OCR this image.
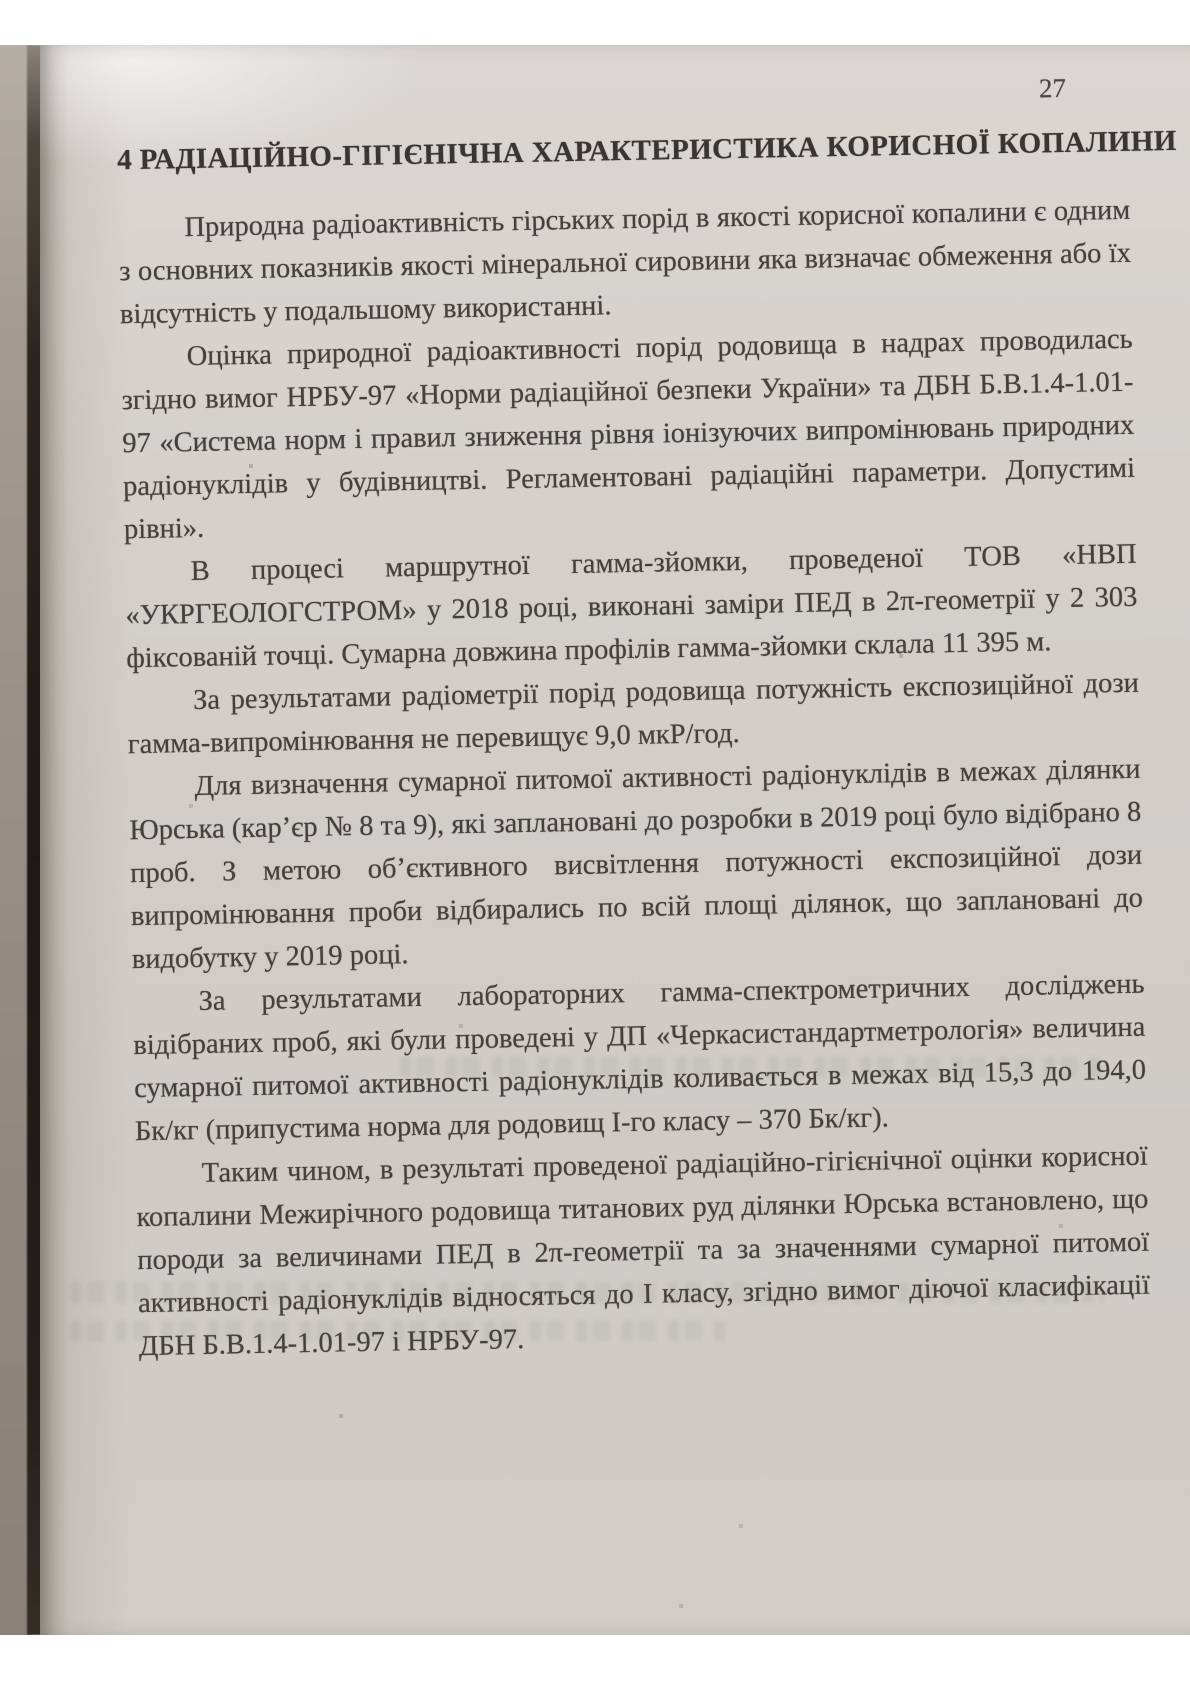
27
4 РАДІАЦІЙНО-ГІГІЄНІЧНА ХАРАКТЕРИСТИКА КОРИСНОЇ КОПАЛИНИ

Природна радіоактивність гірських порід в якості корисної копалини є одним з основних показників якості мінеральної сировини яка визначає обмеження або їх відсутність у подальшому використанні.

Оцінка природної радіоактивності порід родовища в надрах проводилась згідно вимог НРБУ-97 «Норми радіаційної безпеки України» та ДБН Б.В.1.4-1.01-97 «Система норм і правил зниження рівня іонізуючих випромінювань природних радіонуклідів у будівництві. Регламентовані радіаційні параметри. Допустимі рівні».

В процесі маршрутної гамма-зйомки, проведеної ТОВ «НВП «УКРГЕОЛОГСТРОМ» у 2018 році, виконані заміри ПЕД в 2π-геометрії у 2 303 фіксованій точці. Сумарна довжина профілів гамма-зйомки склала 11 395 м.

За результатами радіометрії порід родовища потужність експозиційної дози гамма-випромінювання не перевищує 9,0 мкР/год.

Для визначення сумарної питомої активності радіонуклідів в межах ділянки Юрська (кар’єр № 8 та 9), які заплановані до розробки в 2019 році було відібрано 8 проб. З метою об’єктивного висвітлення потужності експозиційної дози випромінювання проби відбирались по всій площі ділянок, що заплановані до видобутку у 2019 році.

За результатами лабораторних гамма-спектрометричних досліджень відібраних проб, які були проведені у ДП «Черкасистандартметрологія» величина сумарної питомої активності радіонуклідів коливається в межах від 15,3 до 194,0 Бк/кг (припустима норма для родовищ І-го класу – 370 Бк/кг).

Таким чином, в результаті проведеної радіаційно-гігієнічної оцінки корисної копалини Межирічного родовища титанових руд ділянки Юрська встановлено, що породи за величинами ПЕД в 2π-геометрії та за значеннями сумарної питомої активності радіонуклідів відносяться до І класу, згідно вимог діючої класифікації ДБН Б.В.1.4-1.01-97 і НРБУ-97.
